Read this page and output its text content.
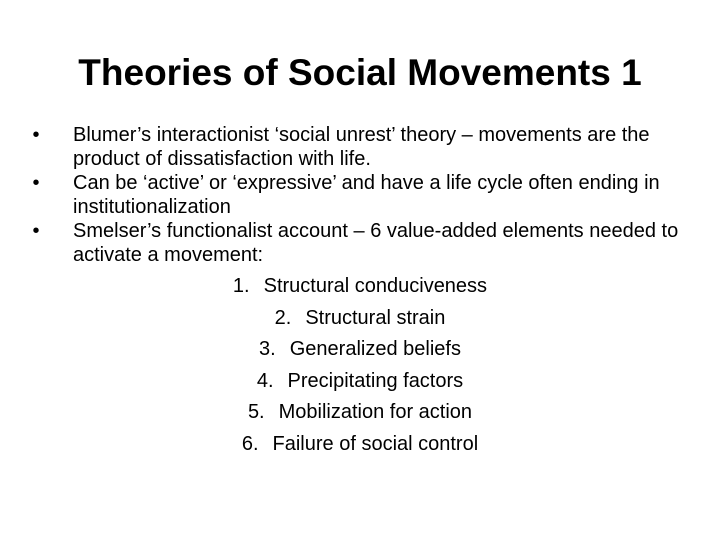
Theories of Social Movements 1
• Blumer’s interactionist ‘social unrest’ theory – movements are the product of dissatisfaction with life.
• Can be ‘active’ or ‘expressive’ and have a life cycle often ending in institutionalization
• Smelser’s functionalist account – 6 value-added elements needed to activate a movement:
1. Structural conduciveness
2. Structural strain
3. Generalized beliefs
4. Precipitating factors
5. Mobilization for action
6. Failure of social control
